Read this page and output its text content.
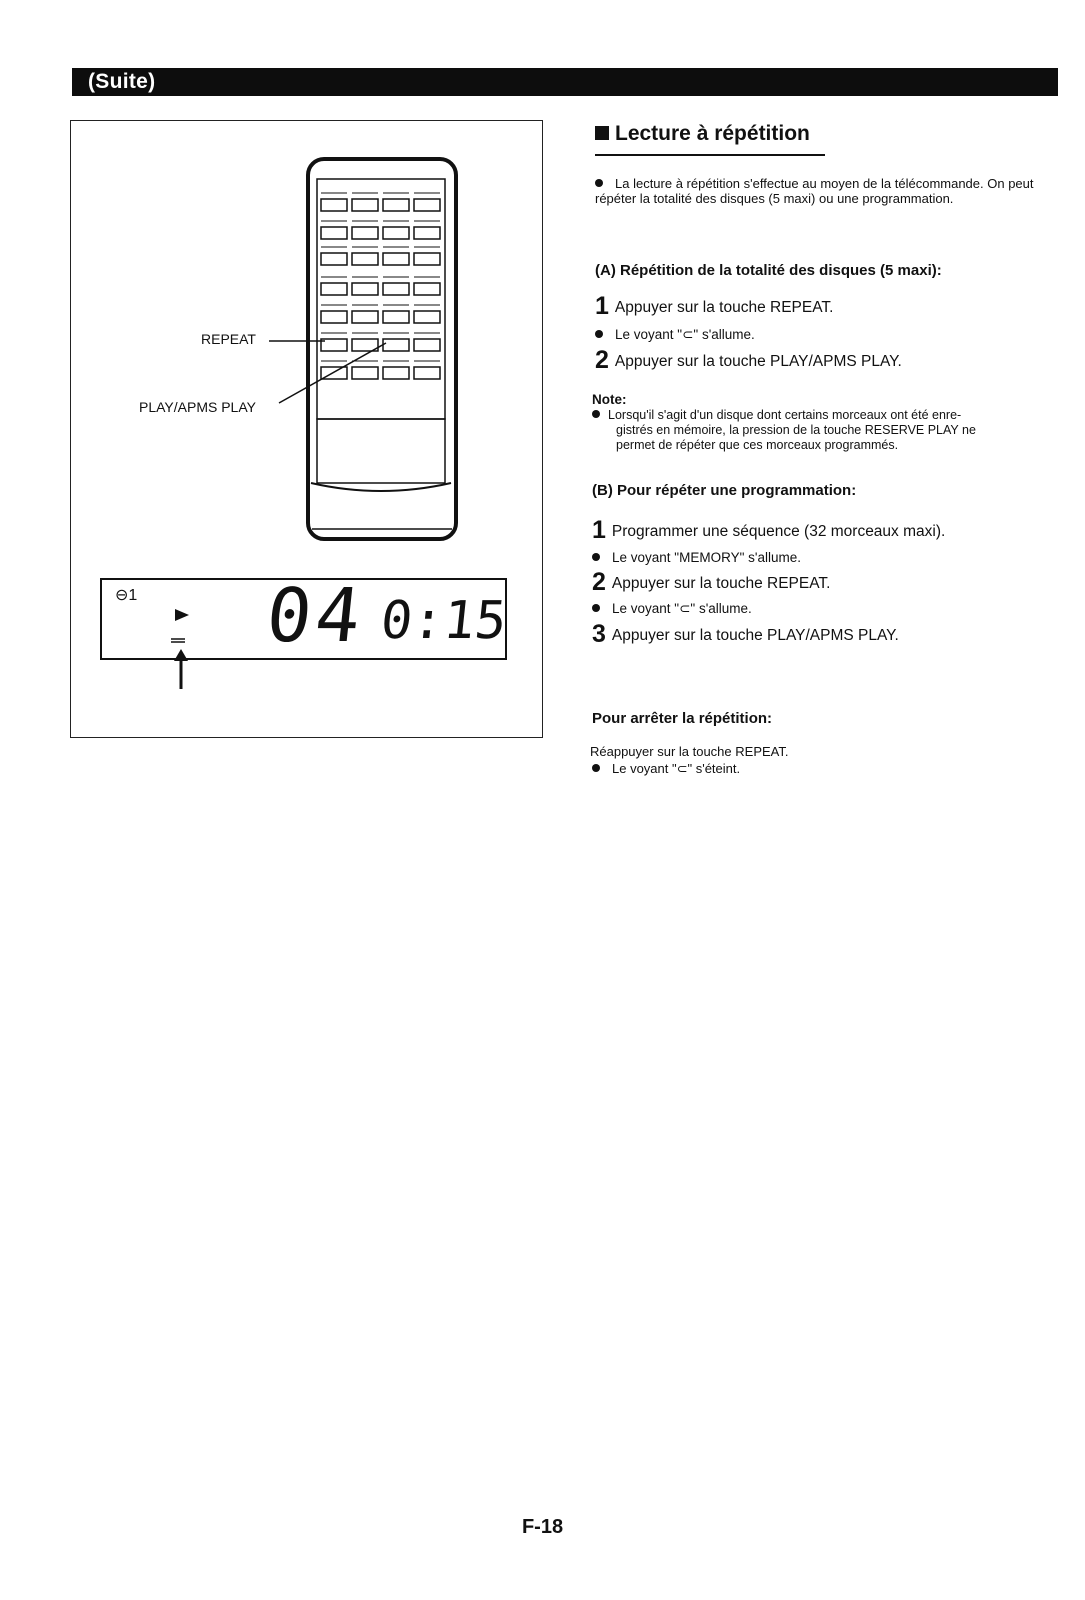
(Suite)
REPEAT
PLAY/APMS PLAY
⊖1 04 0:15
Lecture à répétition
La lecture à répétition s'effectue au moyen de la télécommande. On peut répéter la totalité des disques (5 maxi) ou une programmation.
(A) Répétition de la totalité des disques (5 maxi):
1 Appuyer sur la touche REPEAT.
Le voyant "⊂" s'allume.
2 Appuyer sur la touche PLAY/APMS PLAY.
Note:
Lorsqu'il s'agit d'un disque dont certains morceaux ont été enre-
gistrés en mémoire, la pression de la touche RESERVE PLAY ne
permet de répéter que ces morceaux programmés.
(B) Pour répéter une programmation:
1 Programmer une séquence (32 morceaux maxi).
Le voyant "MEMORY" s'allume.
2 Appuyer sur la touche REPEAT.
Le voyant "⊂" s'allume.
3 Appuyer sur la touche PLAY/APMS PLAY.
Pour arrêter la répétition:
Réappuyer sur la touche REPEAT.
Le voyant "⊂" s'éteint.
F-18
